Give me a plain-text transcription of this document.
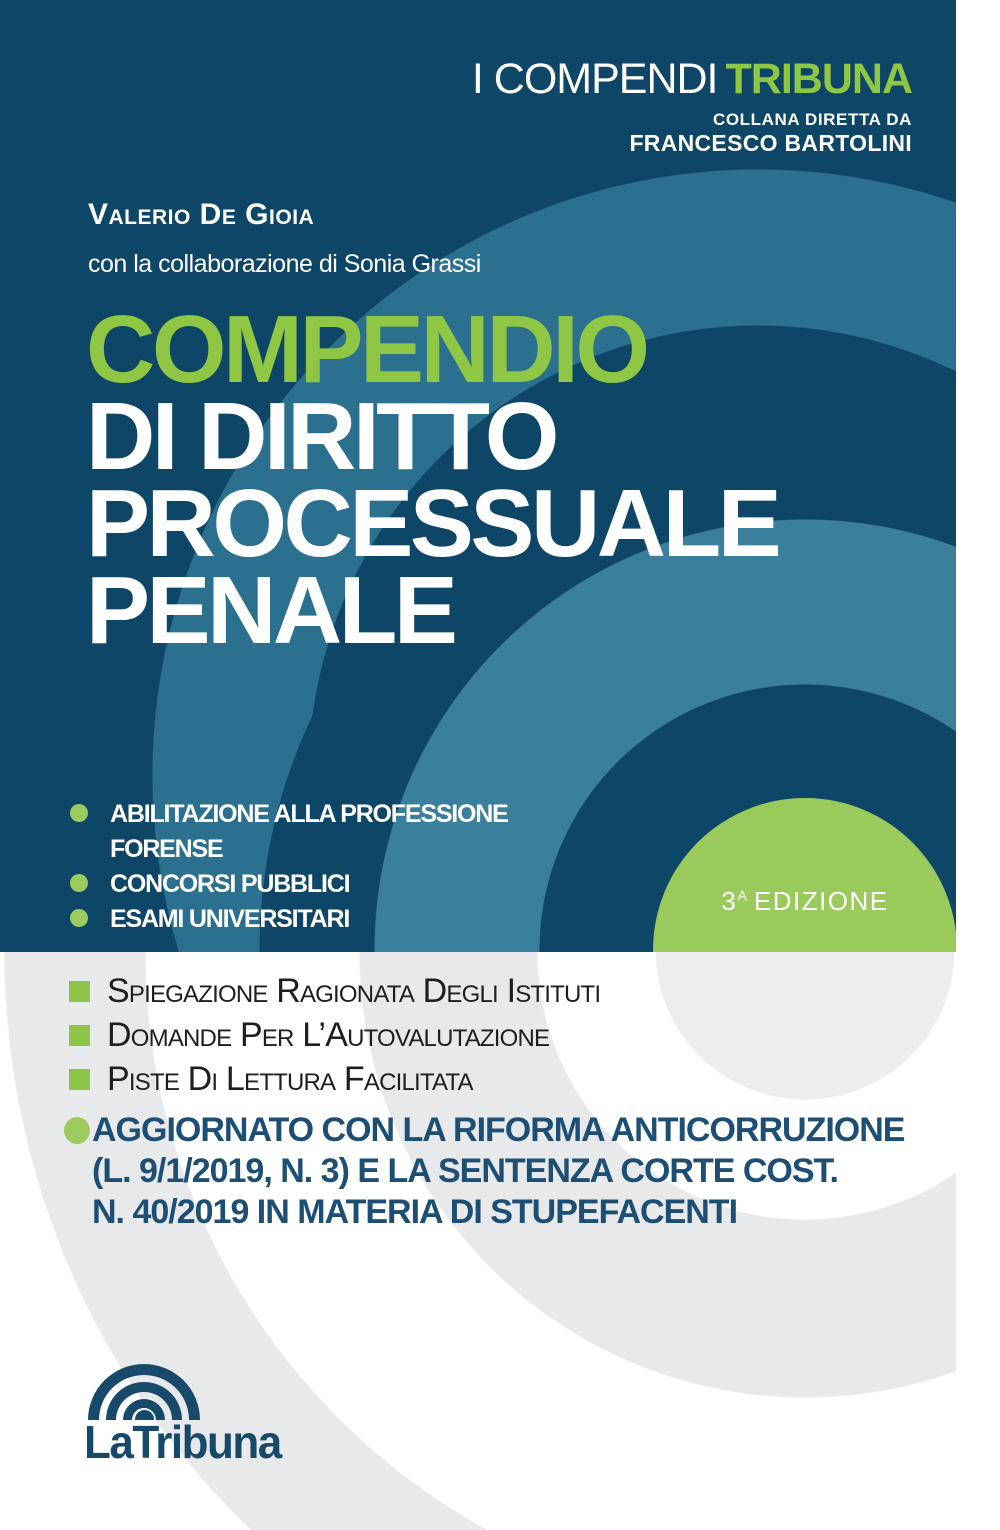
I COMPENDI TRIBUNA
COLLANA DIRETTA DA
FRANCESCO BARTOLINI
Valerio De Gioia
con la collaborazione di Sonia Grassi
COMPENDIO
DI DIRITTO
PROCESSUALE
PENALE
ABILITAZIONE ALLA PROFESSIONE
FORENSE
CONCORSI PUBBLICI
ESAMI UNIVERSITARI
$3^A$ EDIZIONE
Spiegazione Ragionata Degli Istituti
Domande Per L’Autovalutazione
Piste Di Lettura Facilitata
AGGIORNATO CON LA RIFORMA ANTICORRUZIONE
(L. 9/1/2019, N. 3) E LA SENTENZA CORTE COST.
N. 40/2019 IN MATERIA DI STUPEFACENTI
LaTribuna
